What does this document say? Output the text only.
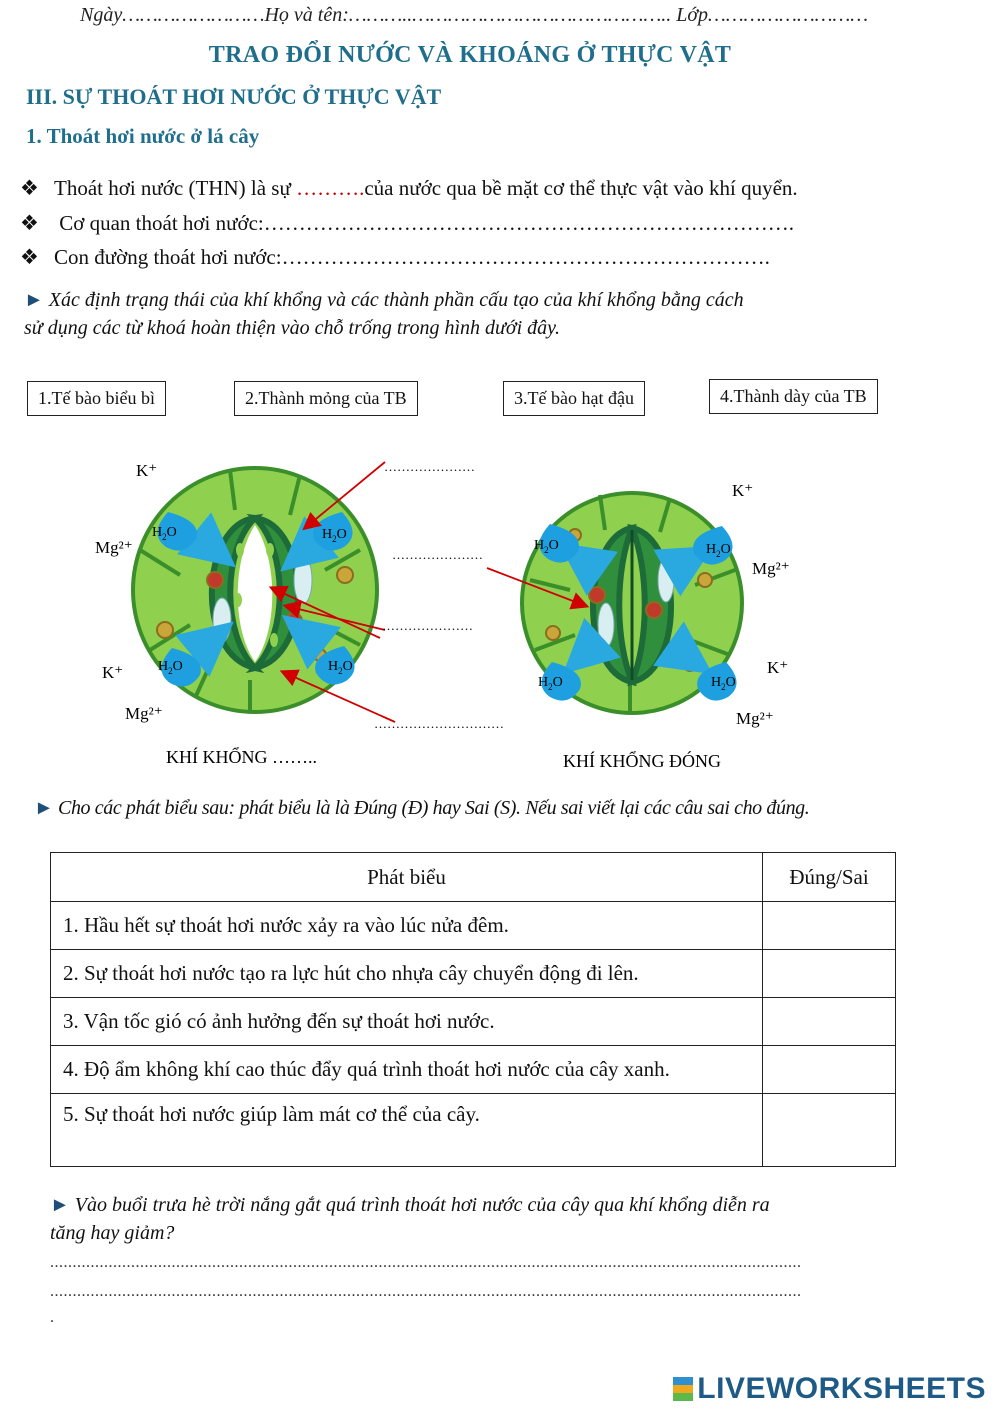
Ngày……………………Họ và tên:………..…………………………………….. Lớp………………………
TRAO ĐỔI NƯỚC VÀ KHOÁNG Ở THỰC VẬT
III. SỰ THOÁT HƠI NƯỚC Ở THỰC VẬT
1. Thoát hơi nước ở lá cây
❖ Thoát hơi nước (THN) là sự ……….của nước qua bề mặt cơ thể thực vật vào khí quyển.
❖ Cơ quan thoát hơi nước:………………………………………………………………….
❖ Con đường thoát hơi nước:…………………………………………………………….
► Xác định trạng thái của khí khổng và các thành phần cấu tạo của khí khổng bằng cách
sử dụng các từ khoá hoàn thiện vào chỗ trống trong hình dưới đây.
1.Tế bào biểu bì	2.Thành mỏng của TB	3.Tế bào hạt đậu	4.Thành dày của TB
$H_2O$	$H_2O$
$H_2O$	$H_2O$
$H_2O$	$H_2O$
$H_2O$	$H_2O$
K⁺
Mg²⁺
K⁺
Mg²⁺
K⁺
Mg²⁺
K⁺
Mg²⁺
…………………
…………………
…………………
…………………………
KHÍ KHỔNG ……..	KHÍ KHỔNG ĐÓNG
► Cho các phát biểu sau: phát biểu là là Đúng (Đ) hay Sai (S). Nếu sai viết lại các câu sai cho đúng.
Phát biểu	Đúng/Sai
1. Hầu hết sự thoát hơi nước xảy ra vào lúc nửa đêm.	
2. Sự thoát hơi nước tạo ra lực hút cho nhựa cây chuyển động đi lên.	
3. Vận tốc gió có ảnh hưởng đến sự thoát hơi nước.	
4. Độ ẩm không khí cao thúc đẩy quá trình thoát hơi nước của cây xanh.	
5. Sự thoát hơi nước giúp làm mát cơ thể của cây.	
► Vào buổi trưa hè trời nắng gắt quá trình thoát hơi nước của cây qua khí khổng diễn ra
tăng hay giảm?
.......................................................................................................................................................................
.......................................................................................................................................................................
.
LIVEWORKSHEETS
